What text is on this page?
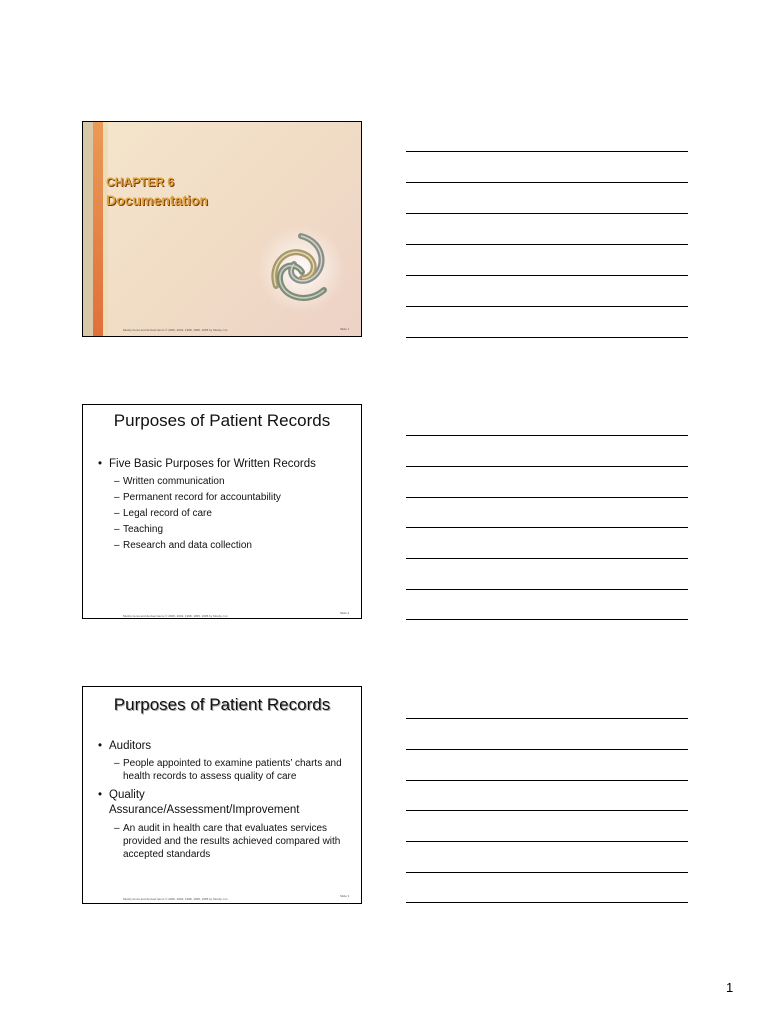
CHAPTER 6
Documentation
Mosby items and derived items © 2006, 2002, 1998, 1995, 1995 by Mosby, Inc.	Slide 1
Purposes of Patient Records
• Five Basic Purposes for Written Records
– Written communication
– Permanent record for accountability
– Legal record of care
– Teaching
– Research and data collection
Mosby items and derived items © 2006, 2002, 1998, 1995, 1995 by Mosby, Inc.
Slide 2
Purposes of Patient Records
• Auditors
– People appointed to examine patients’ charts and health records to assess quality of care
• Quality Assurance/Assessment/Improvement
– An audit in health care that evaluates services provided and the results achieved compared with accepted standards
Mosby items and derived items © 2006, 2002, 1998, 1995, 1995 by Mosby, Inc.
Slide 3
1
